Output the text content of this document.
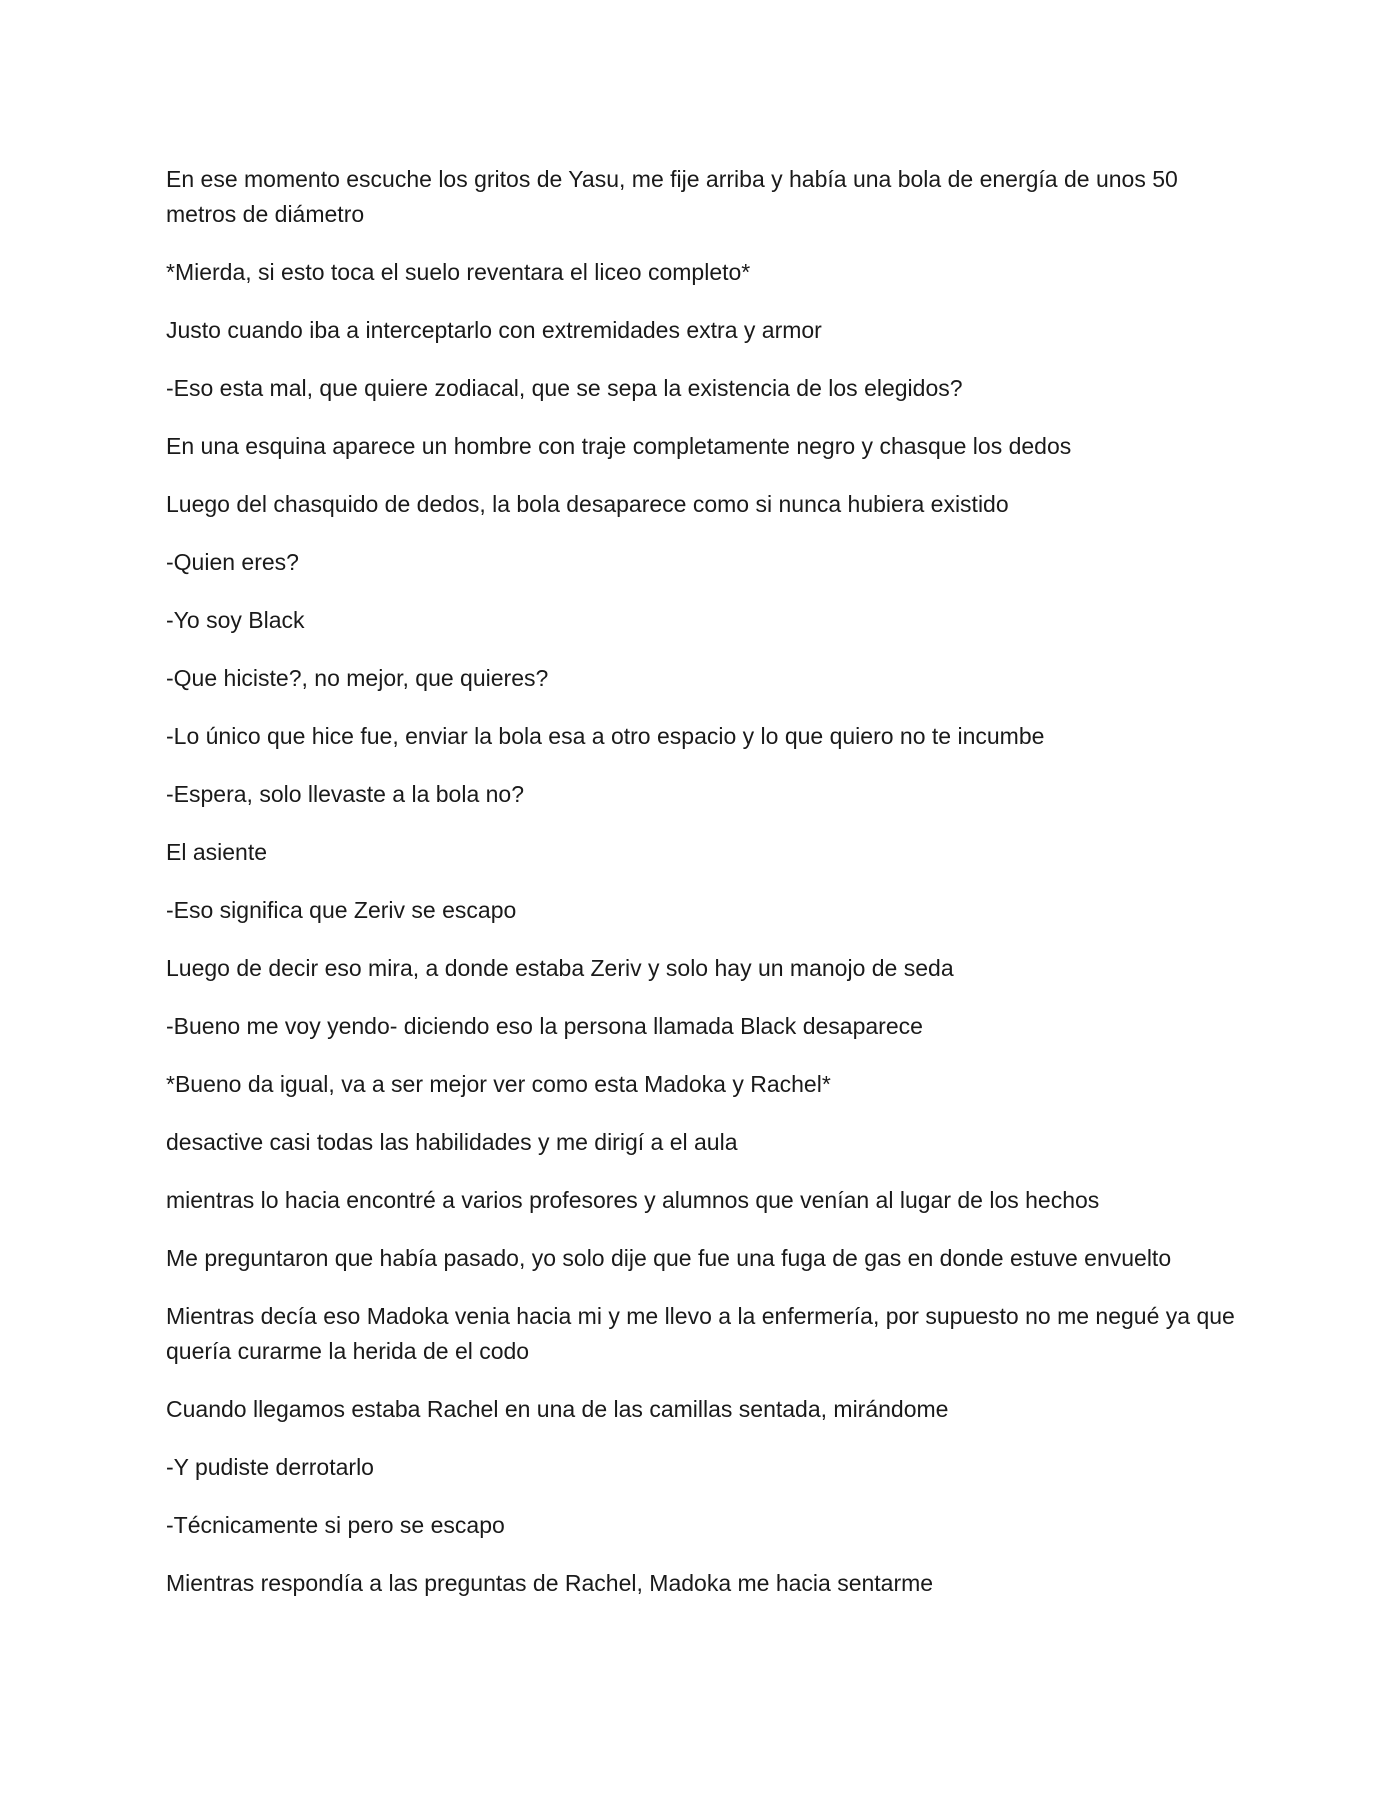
En ese momento escuche los gritos de Yasu, me fije arriba y había una bola de energía de unos 50 metros de diámetro

*Mierda, si esto toca el suelo reventara el liceo completo*

Justo cuando iba a interceptarlo con extremidades extra y armor

-Eso esta mal, que quiere zodiacal, que se sepa la existencia de los elegidos?

En una esquina aparece un hombre con traje completamente negro y chasque los dedos

Luego del chasquido de dedos, la bola desaparece como si nunca hubiera existido

-Quien eres?

-Yo soy Black

-Que hiciste?, no mejor, que quieres?

-Lo único que hice fue, enviar la bola esa a otro espacio y lo que quiero no te incumbe

-Espera, solo llevaste a la bola no?

El asiente

-Eso significa que Zeriv se escapo

Luego de decir eso mira, a donde estaba Zeriv y solo hay un manojo de seda

-Bueno me voy yendo- diciendo eso la persona llamada Black desaparece

*Bueno da igual, va a ser mejor ver como esta Madoka y Rachel*

desactive casi todas las habilidades y me dirigí a el aula

mientras lo hacia encontré a varios profesores y alumnos que venían al lugar de los hechos

Me preguntaron que había pasado, yo solo dije que fue una fuga de gas en donde estuve envuelto

Mientras decía eso Madoka venia hacia mi y me llevo a la enfermería, por supuesto no me negué ya que quería curarme la herida de el codo

Cuando llegamos estaba Rachel en una de las camillas sentada, mirándome

-Y pudiste derrotarlo

-Técnicamente si pero se escapo

Mientras respondía a las preguntas de Rachel, Madoka me hacia sentarme
